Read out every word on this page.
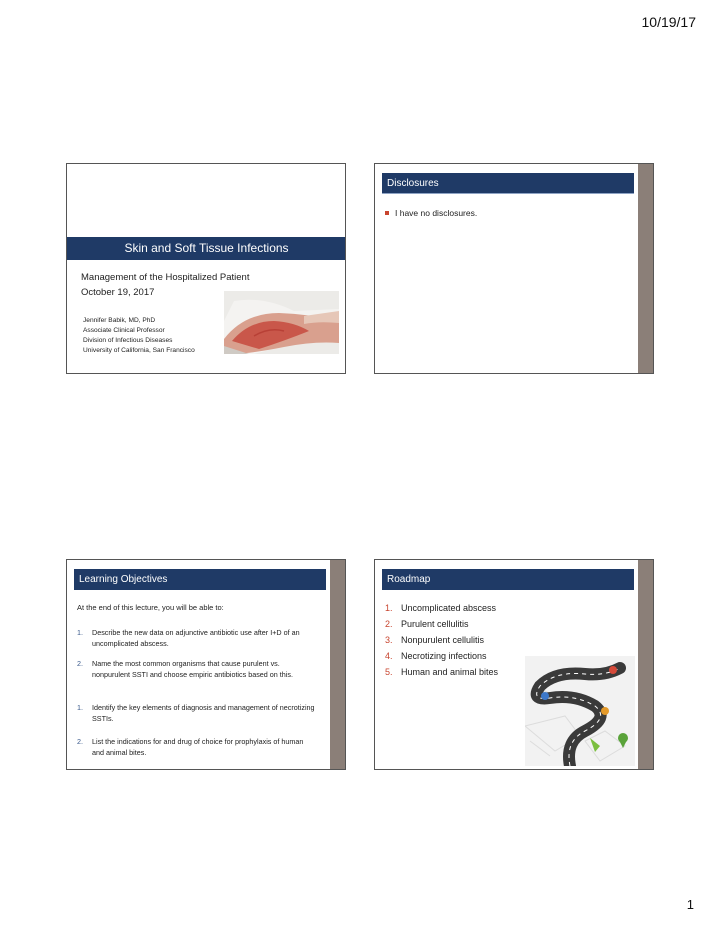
10/19/17
Skin and Soft Tissue Infections
Management of the Hospitalized Patient
October 19, 2017
Jennifer Babik, MD, PhD
Associate Clinical Professor
Division of Infectious Diseases
University of California, San Francisco
Disclosures
I have no disclosures.
Learning Objectives
At the end of this lecture, you will be able to:
1.	Describe the new data on adjunctive antibiotic use after I+D of an uncomplicated abscess.
2.	Name the most common organisms that cause purulent vs. nonpurulent SSTI and choose empiric antibiotics based on this.
1.	Identify the key elements of diagnosis and management of necrotizing SSTIs.
2.	List the indications for and drug of choice for prophylaxis of human and animal bites.
Roadmap
1. Uncomplicated abscess
2. Purulent cellulitis
3. Nonpurulent cellulitis
4. Necrotizing infections
5. Human and animal bites
1
